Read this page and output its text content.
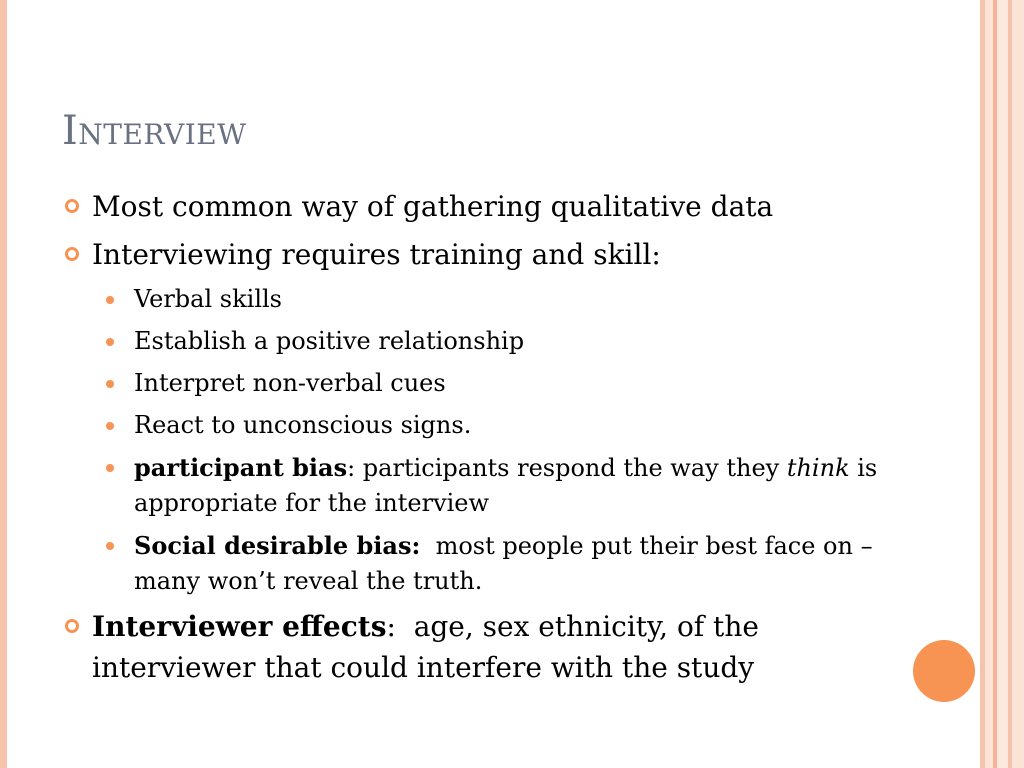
Interview
Most common way of gathering qualitative data
Interviewing requires training and skill:
Verbal skills
Establish a positive relationship
Interpret non-verbal cues
React to unconscious signs.
participant bias: participants respond the way they think is appropriate for the interview
Social desirable bias:  most people put their best face on – many won’t reveal the truth.
Interviewer effects:  age, sex ethnicity, of the interviewer that could interfere with the study
